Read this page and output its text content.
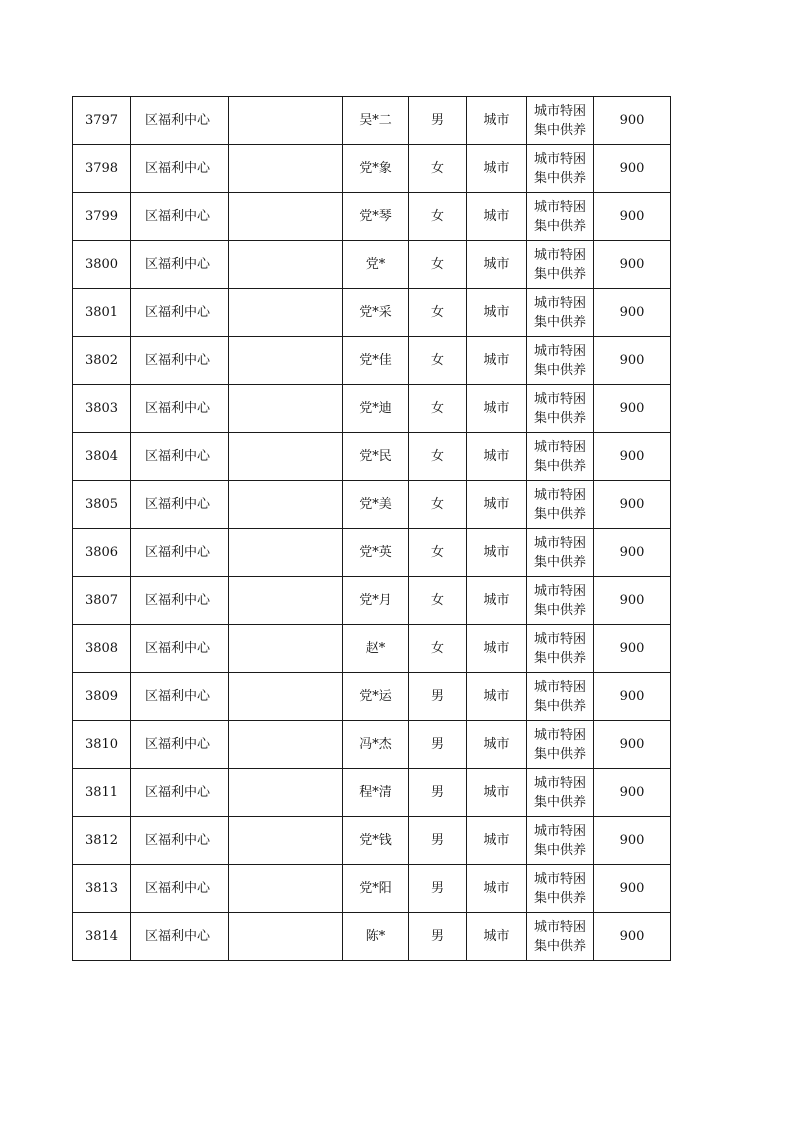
3797	区福利中心		吴*二	男	城市	城市特困
集中供养	900
3798	区福利中心		党*象	女	城市	城市特困
集中供养	900
3799	区福利中心		党*琴	女	城市	城市特困
集中供养	900
3800	区福利中心		党*	女	城市	城市特困
集中供养	900
3801	区福利中心		党*采	女	城市	城市特困
集中供养	900
3802	区福利中心		党*佳	女	城市	城市特困
集中供养	900
3803	区福利中心		党*迪	女	城市	城市特困
集中供养	900
3804	区福利中心		党*民	女	城市	城市特困
集中供养	900
3805	区福利中心		党*美	女	城市	城市特困
集中供养	900
3806	区福利中心		党*英	女	城市	城市特困
集中供养	900
3807	区福利中心		党*月	女	城市	城市特困
集中供养	900
3808	区福利中心		赵*	女	城市	城市特困
集中供养	900
3809	区福利中心		党*运	男	城市	城市特困
集中供养	900
3810	区福利中心		冯*杰	男	城市	城市特困
集中供养	900
3811	区福利中心		程*清	男	城市	城市特困
集中供养	900
3812	区福利中心		党*钱	男	城市	城市特困
集中供养	900
3813	区福利中心		党*阳	男	城市	城市特困
集中供养	900
3814	区福利中心		陈*	男	城市	城市特困
集中供养	900
